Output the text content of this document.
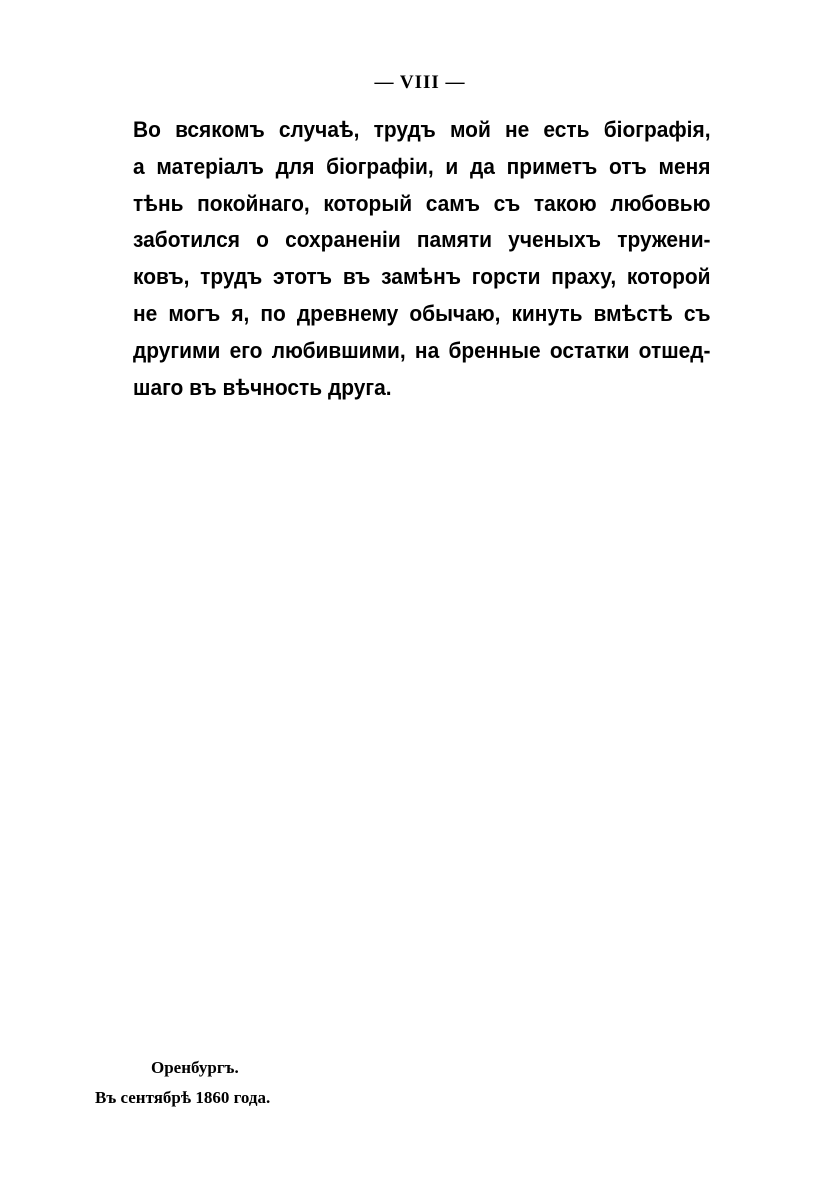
— VIII —
Во всякомъ случаѣ, трудъ мой не есть біографія,
а матеріалъ для біографіи, и да приметъ отъ меня
тѣнь покойнаго, который самъ съ такою любовью
заботился о сохраненіи памяти ученыхъ тружени-
ковъ, трудъ этотъ въ замѣнъ горсти праху, которой
не могъ я, по древнему обычаю, кинуть вмѣстѣ съ
другими его любившими, на бренные остатки отшед-
шаго въ вѣчность друга.
Оренбургъ.
Въ сентябрѣ 1860 года.
